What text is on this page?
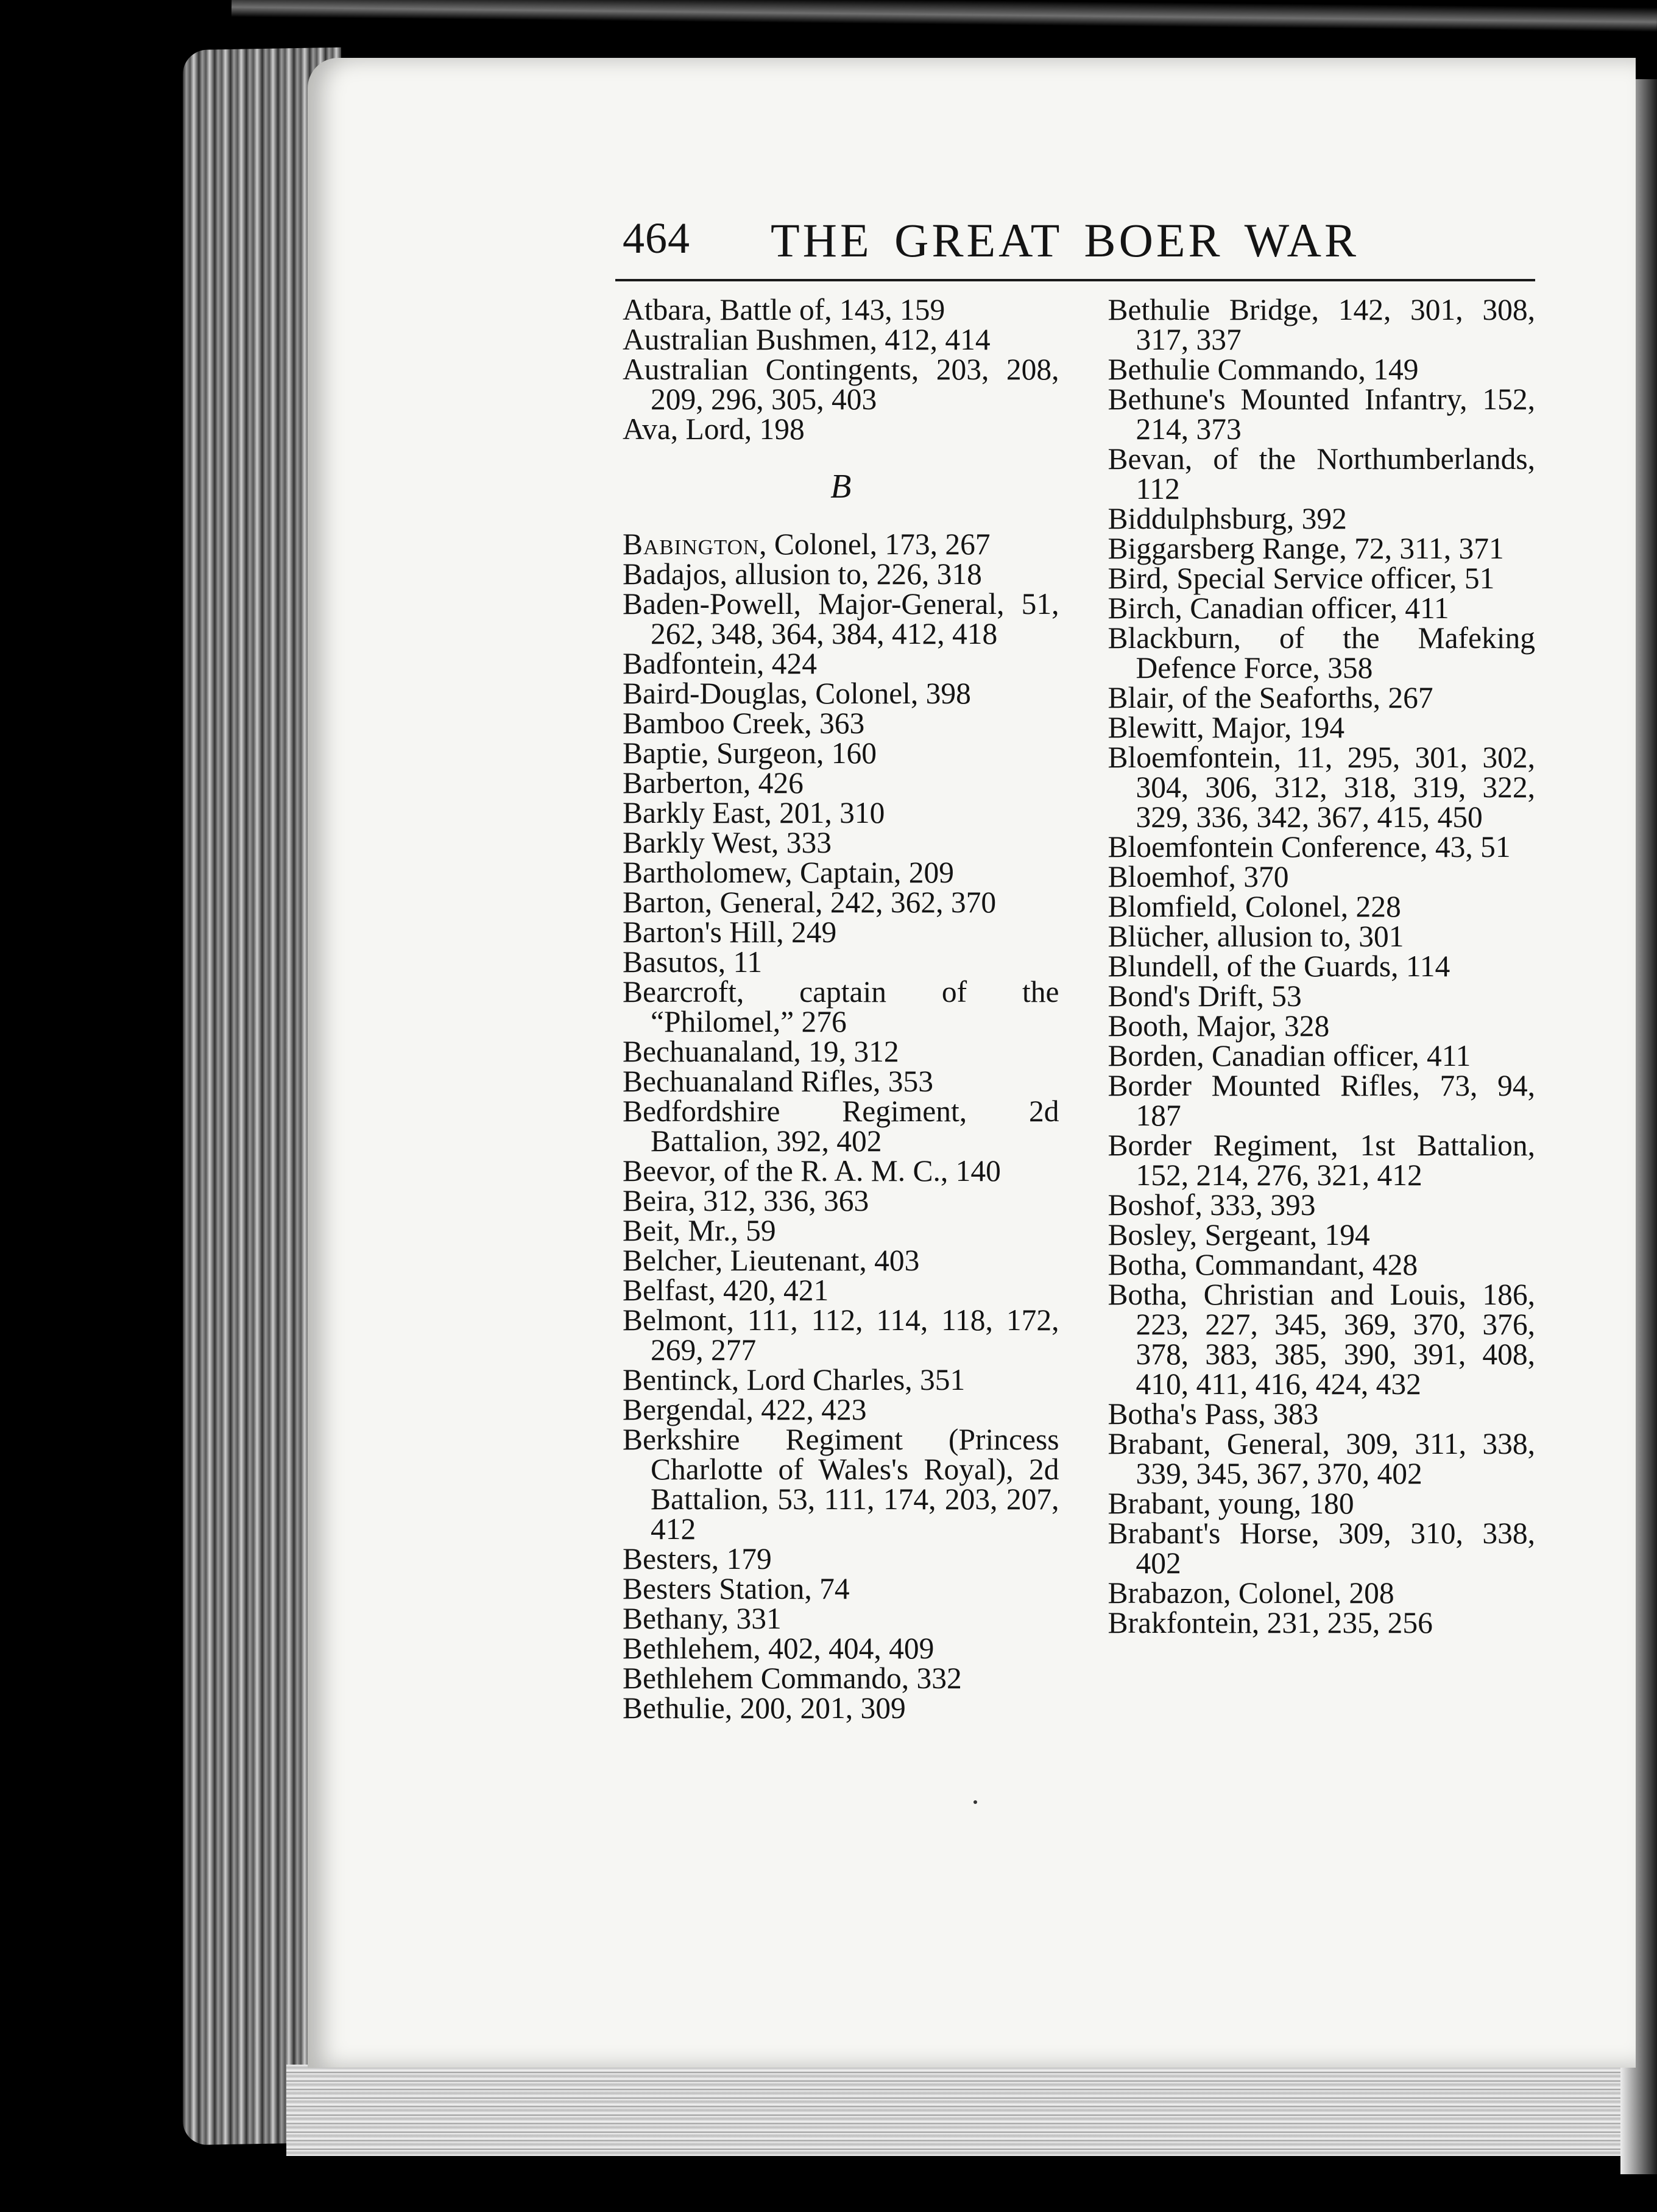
464 THE GREAT BOER WAR
Atbara, Battle of, 143, 159
Australian Bushmen, 412, 414
Australian Contingents, 203, 208, 209, 296, 305, 403
Ava, Lord, 198
B
Babington, Colonel, 173, 267
Badajos, allusion to, 226, 318
Baden-Powell, Major-General, 51, 262, 348, 364, 384, 412, 418
Badfontein, 424
Baird-Douglas, Colonel, 398
Bamboo Creek, 363
Baptie, Surgeon, 160
Barberton, 426
Barkly East, 201, 310
Barkly West, 333
Bartholomew, Captain, 209
Barton, General, 242, 362, 370
Barton's Hill, 249
Basutos, 11
Bearcroft, captain of the “Philomel,” 276
Bechuanaland, 19, 312
Bechuanaland Rifles, 353
Bedfordshire Regiment, 2d Battalion, 392, 402
Beevor, of the R. A. M. C., 140
Beira, 312, 336, 363
Beit, Mr., 59
Belcher, Lieutenant, 403
Belfast, 420, 421
Belmont, 111, 112, 114, 118, 172, 269, 277
Bentinck, Lord Charles, 351
Bergendal, 422, 423
Berkshire Regiment (Princess Charlotte of Wales's Royal), 2d Battalion, 53, 111, 174, 203, 207, 412
Besters, 179
Besters Station, 74
Bethany, 331
Bethlehem, 402, 404, 409
Bethlehem Commando, 332
Bethulie, 200, 201, 309
Bethulie Bridge, 142, 301, 308, 317, 337
Bethulie Commando, 149
Bethune's Mounted Infantry, 152, 214, 373
Bevan, of the Northumberlands, 112
Biddulphsburg, 392
Biggarsberg Range, 72, 311, 371
Bird, Special Service officer, 51
Birch, Canadian officer, 411
Blackburn, of the Mafeking Defence Force, 358
Blair, of the Seaforths, 267
Blewitt, Major, 194
Bloemfontein, 11, 295, 301, 302, 304, 306, 312, 318, 319, 322, 329, 336, 342, 367, 415, 450
Bloemfontein Conference, 43, 51
Bloemhof, 370
Blomfield, Colonel, 228
Blücher, allusion to, 301
Blundell, of the Guards, 114
Bond's Drift, 53
Booth, Major, 328
Borden, Canadian officer, 411
Border Mounted Rifles, 73, 94, 187
Border Regiment, 1st Battalion, 152, 214, 276, 321, 412
Boshof, 333, 393
Bosley, Sergeant, 194
Botha, Commandant, 428
Botha, Christian and Louis, 186, 223, 227, 345, 369, 370, 376, 378, 383, 385, 390, 391, 408, 410, 411, 416, 424, 432
Botha's Pass, 383
Brabant, General, 309, 311, 338, 339, 345, 367, 370, 402
Brabant, young, 180
Brabant's Horse, 309, 310, 338, 402
Brabazon, Colonel, 208
Brakfontein, 231, 235, 256
